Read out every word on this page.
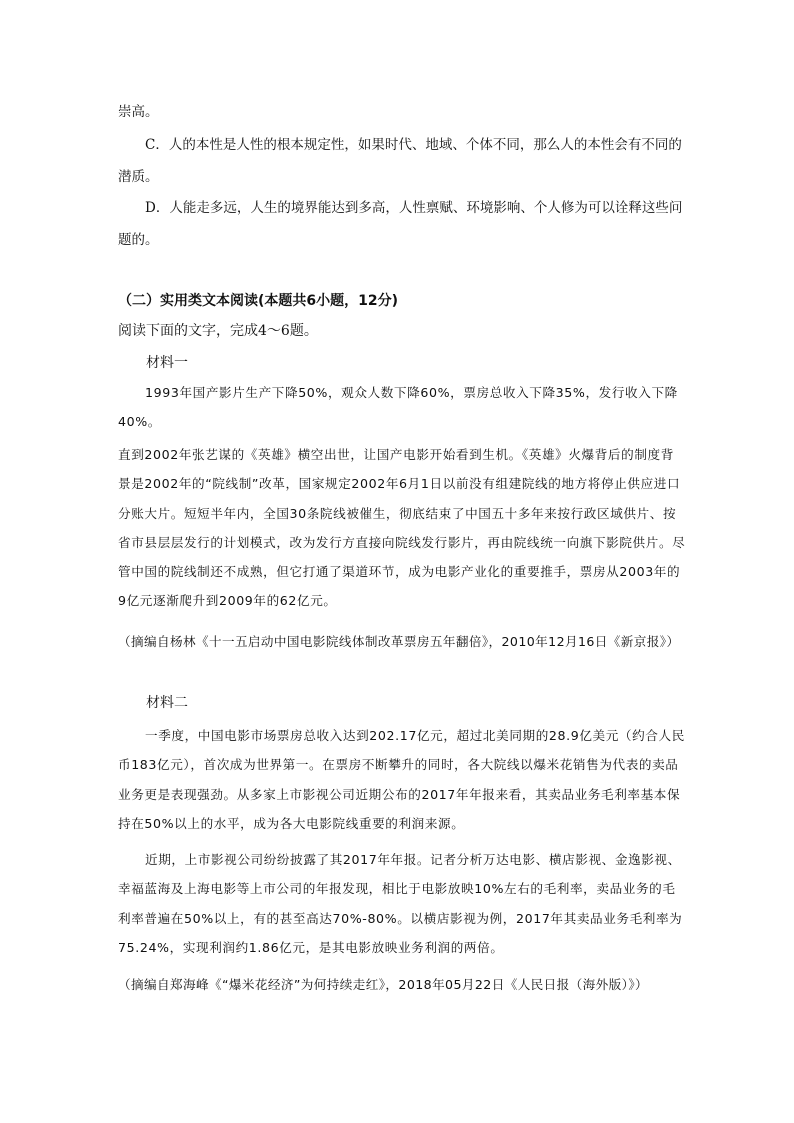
崇高。

C．人的本性是人性的根本规定性，如果时代、地域、个体不同，那么人的本性会有不同的潜质。

D．人能走多远，人生的境界能达到多高，人性禀赋、环境影响、个人修为可以诠释这些问题的。

（二）实用类文本阅读(本题共6小题，12分)
阅读下面的文字，完成4～6题。
材料一

1993年国产影片生产下降50%，观众人数下降60%，票房总收入下降35%，发行收入下降40%。

直到2002年张艺谋的《英雄》横空出世，让国产电影开始看到生机。《英雄》火爆背后的制度背景是2002年的“院线制”改革，国家规定2002年6月1日以前没有组建院线的地方将停止供应进口分账大片。短短半年内，全国30条院线被催生，彻底结束了中国五十多年来按行政区域供片、按省市县层层发行的计划模式，改为发行方直接向院线发行影片，再由院线统一向旗下影院供片。尽管中国的院线制还不成熟，但它打通了渠道环节，成为电影产业化的重要推手，票房从2003年的9亿元逐渐爬升到2009年的62亿元。

（摘编自杨林《十一五启动中国电影院线体制改革票房五年翻倍》，2010年12月16日《新京报》）

材料二

一季度，中国电影市场票房总收入达到202.17亿元，超过北美同期的28.9亿美元（约合人民币183亿元），首次成为世界第一。在票房不断攀升的同时，各大院线以爆米花销售为代表的卖品业务更是表现强劲。从多家上市影视公司近期公布的2017年年报来看，其卖品业务毛利率基本保持在50%以上的水平，成为各大电影院线重要的利润来源。

近期，上市影视公司纷纷披露了其2017年年报。记者分析万达电影、横店影视、金逸影视、幸福蓝海及上海电影等上市公司的年报发现，相比于电影放映10%左右的毛利率，卖品业务的毛利率普遍在50%以上，有的甚至高达70%-80%。以横店影视为例，2017年其卖品业务毛利率为75.24%，实现利润约1.86亿元，是其电影放映业务利润的两倍。

（摘编自郑海峰《“爆米花经济”为何持续走红》，2018年05月22日《人民日报（海外版）》）
